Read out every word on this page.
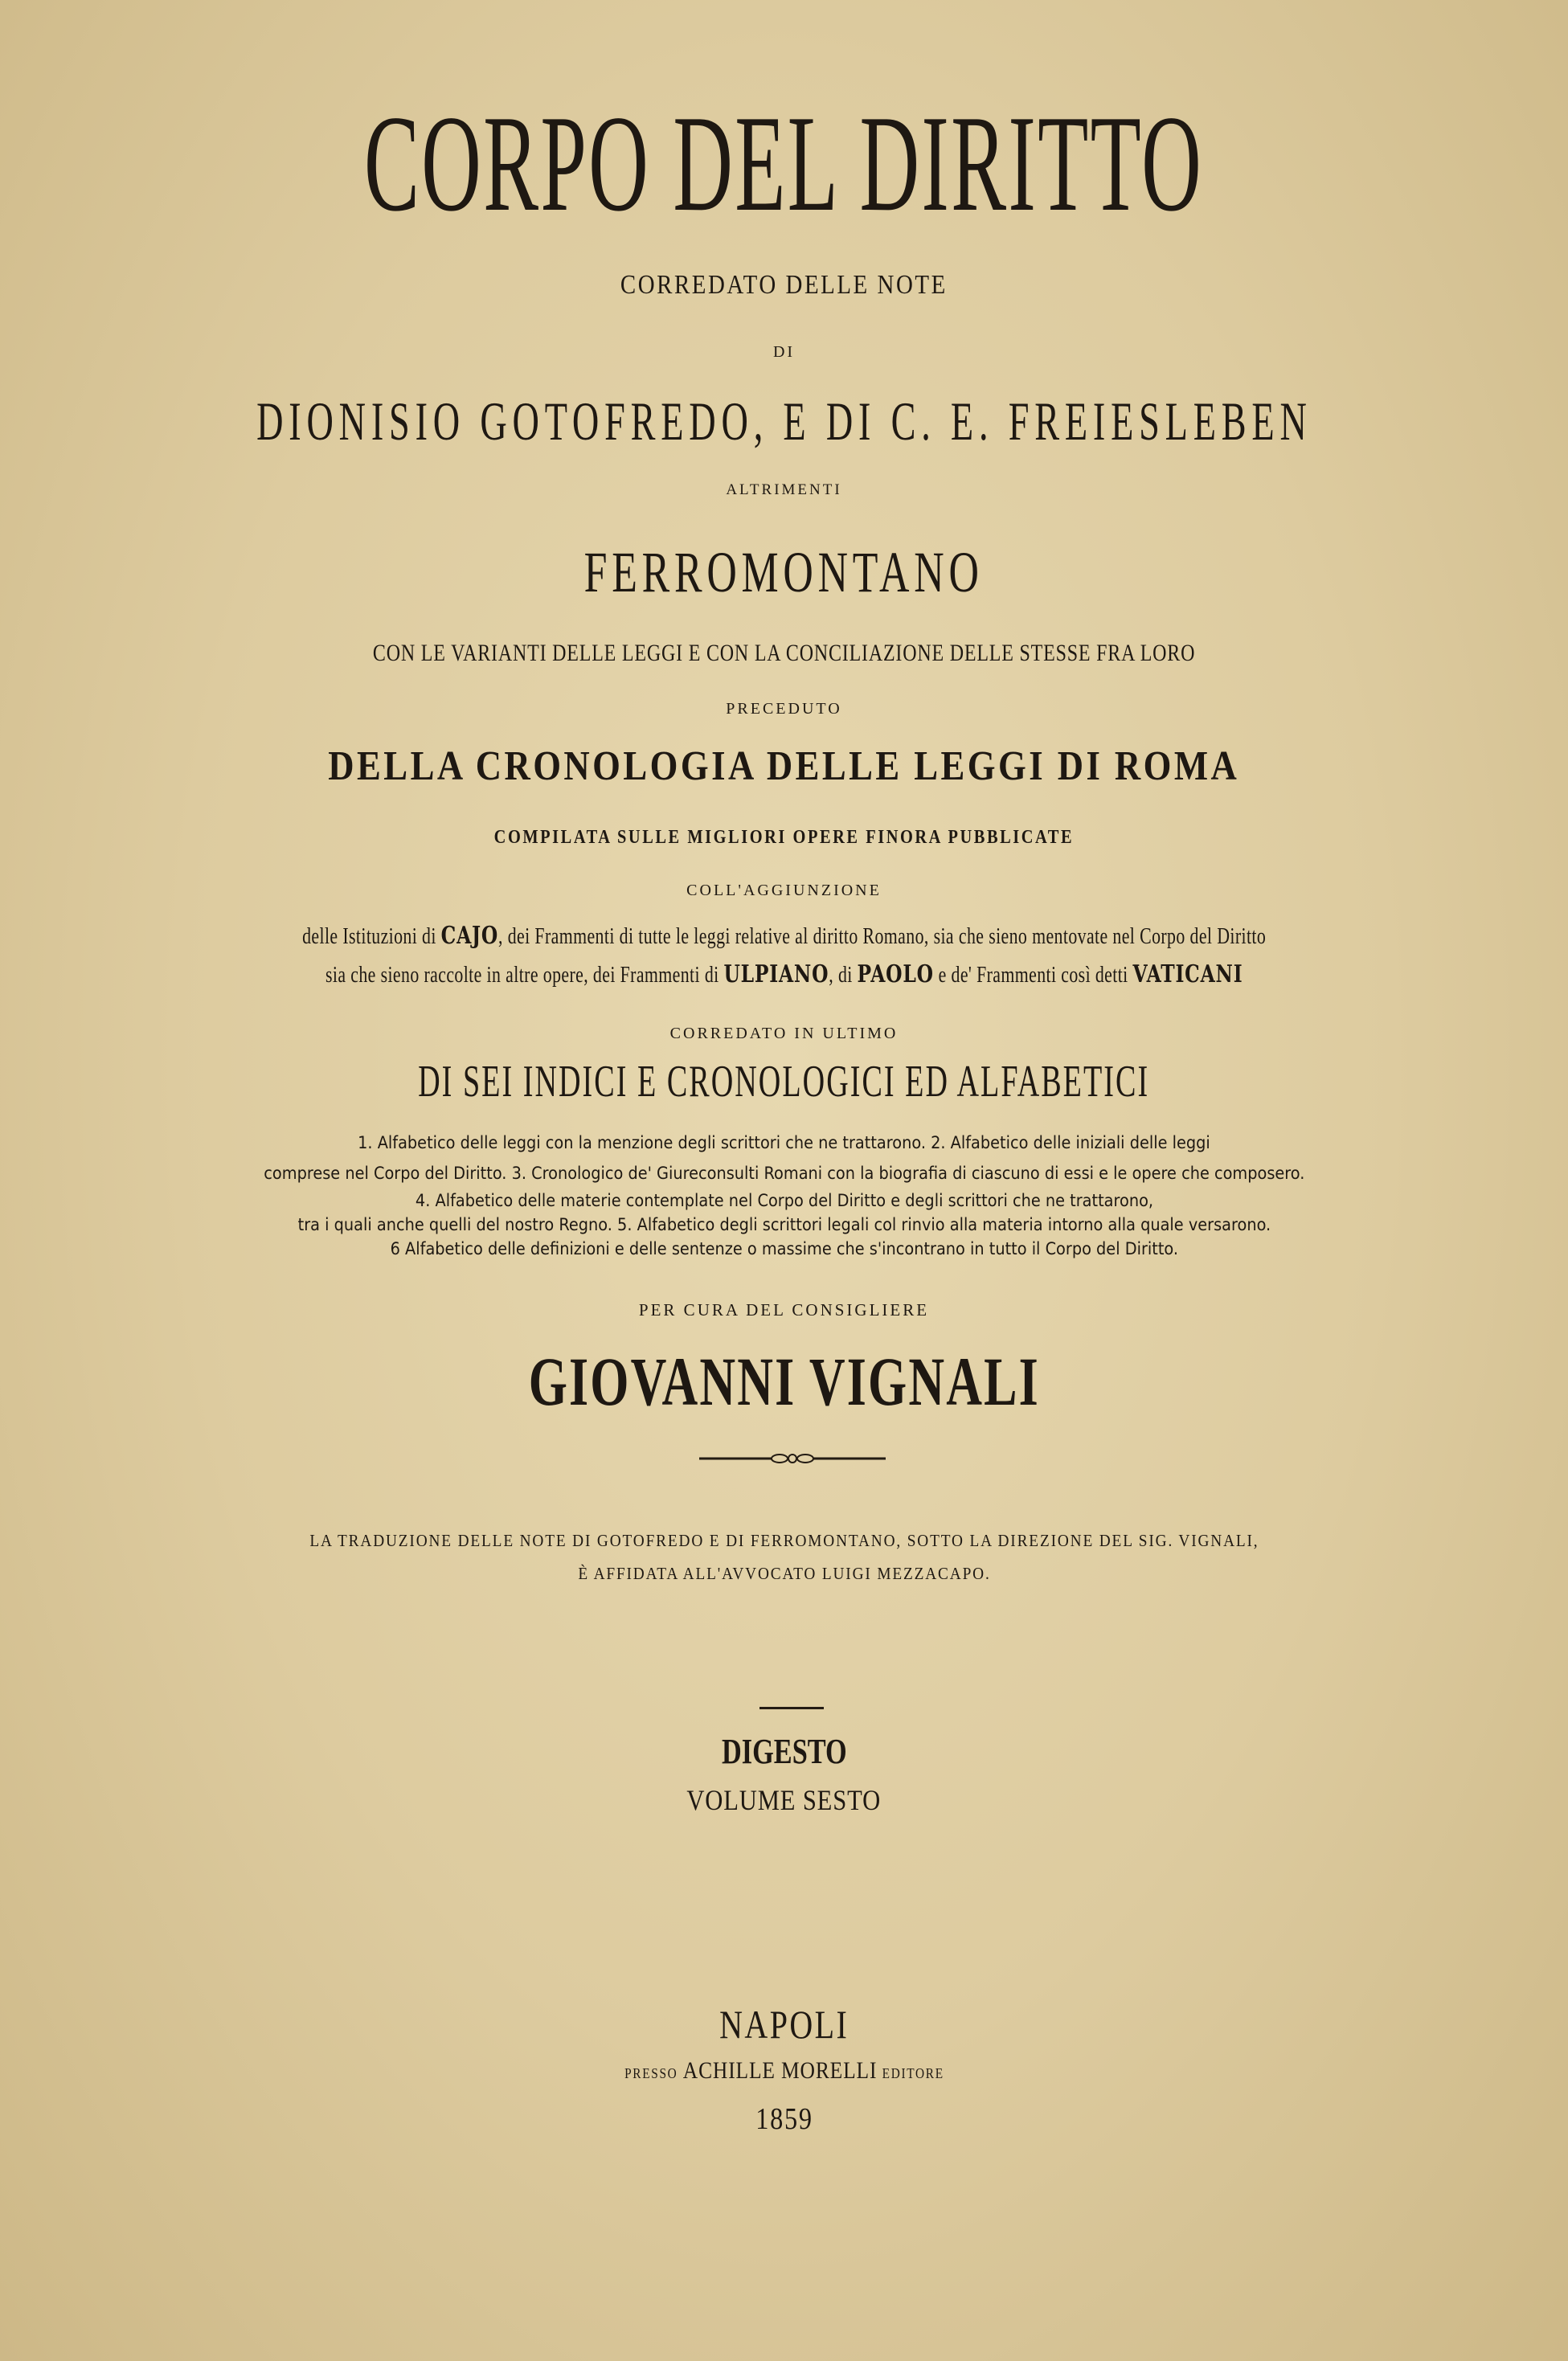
CORPO DEL DIRITTO
CORREDATO DELLE NOTE
DI
DIONISIO GOTOFREDO, E DI C. E. FREIESLEBEN
ALTRIMENTI
FERROMONTANO
CON LE VARIANTI DELLE LEGGI E CON LA CONCILIAZIONE DELLE STESSE FRA LORO
PRECEDUTO
DELLA CRONOLOGIA DELLE LEGGI DI ROMA
COMPILATA SULLE MIGLIORI OPERE FINORA PUBBLICATE
COLL'AGGIUNZIONE
delle Istituzioni di CAJO, dei Frammenti di tutte le leggi relative al diritto Romano, sia che sieno mentovate nel Corpo del Diritto
sia che sieno raccolte in altre opere, dei Frammenti di ULPIANO, di PAOLO e de' Frammenti così detti VATICANI
CORREDATO IN ULTIMO
DI SEI INDICI E CRONOLOGICI ED ALFABETICI
1. Alfabetico delle leggi con la menzione degli scrittori che ne trattarono. 2. Alfabetico delle iniziali delle leggi
comprese nel Corpo del Diritto. 3. Cronologico de' Giureconsulti Romani con la biografia di ciascuno di essi e le opere che composero.
4. Alfabetico delle materie contemplate nel Corpo del Diritto e degli scrittori che ne trattarono,
tra i quali anche quelli del nostro Regno. 5. Alfabetico degli scrittori legali col rinvio alla materia intorno alla quale versarono.
6 Alfabetico delle definizioni e delle sentenze o massime che s'incontrano in tutto il Corpo del Diritto.
PER CURA DEL CONSIGLIERE
GIOVANNI VIGNALI
LA TRADUZIONE DELLE NOTE DI GOTOFREDO E DI FERROMONTANO, SOTTO LA DIREZIONE DEL SIG. VIGNALI,
È AFFIDATA ALL'AVVOCATO LUIGI MEZZACAPO.
DIGESTO
VOLUME SESTO
NAPOLI
PRESSO ACHILLE MORELLI EDITORE
1859
